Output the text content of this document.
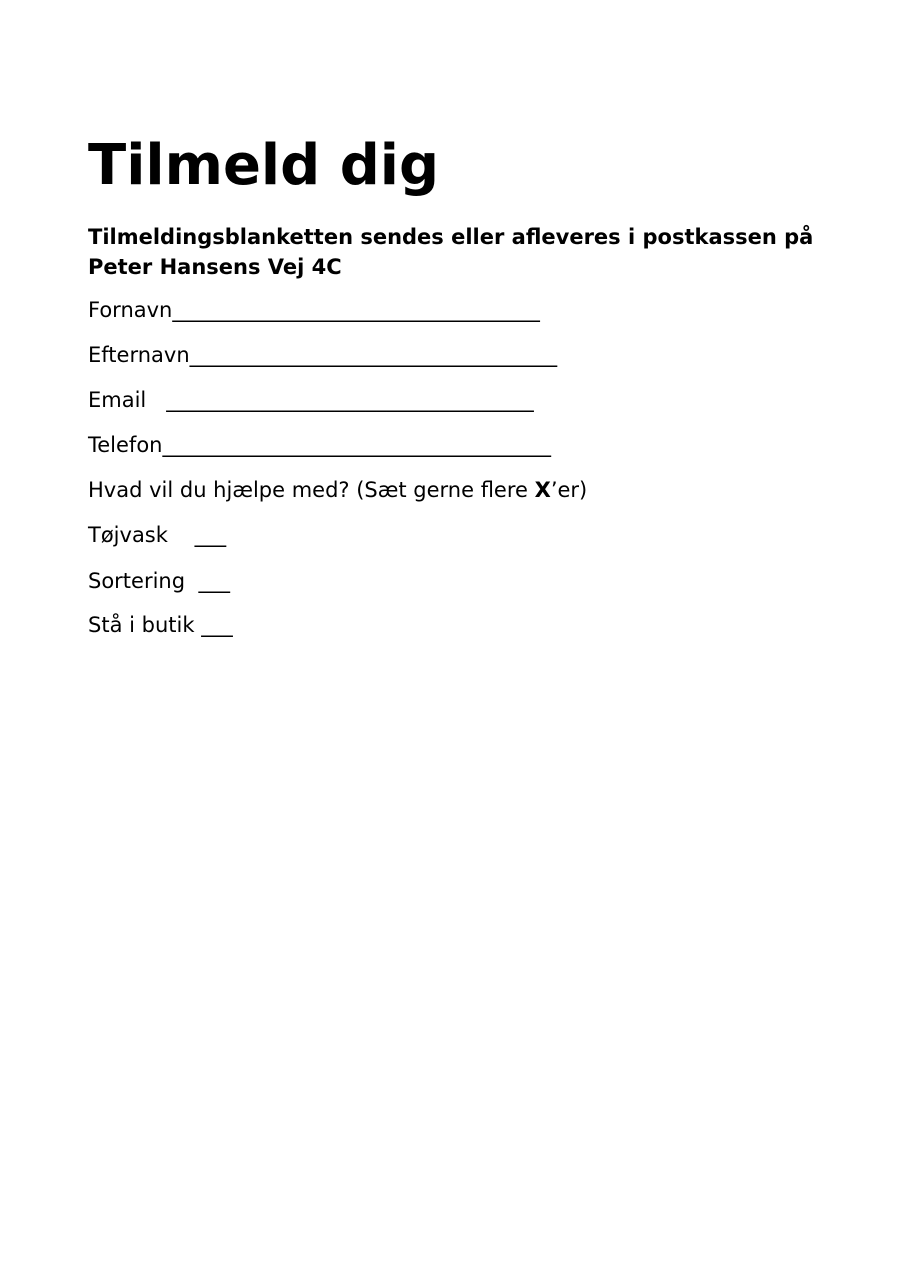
Tilmeld dig

Tilmeldingsblanketten sendes eller afleveres i postkassen på Peter Hansens Vej 4C

Fornavn___________________________________

Efternavn___________________________________

Email ___________________________________

Telefon_____________________________________

Hvad vil du hjælpe med? (Sæt gerne flere X’er)

Tøjvask ___

Sortering ___

Stå i butik ___
